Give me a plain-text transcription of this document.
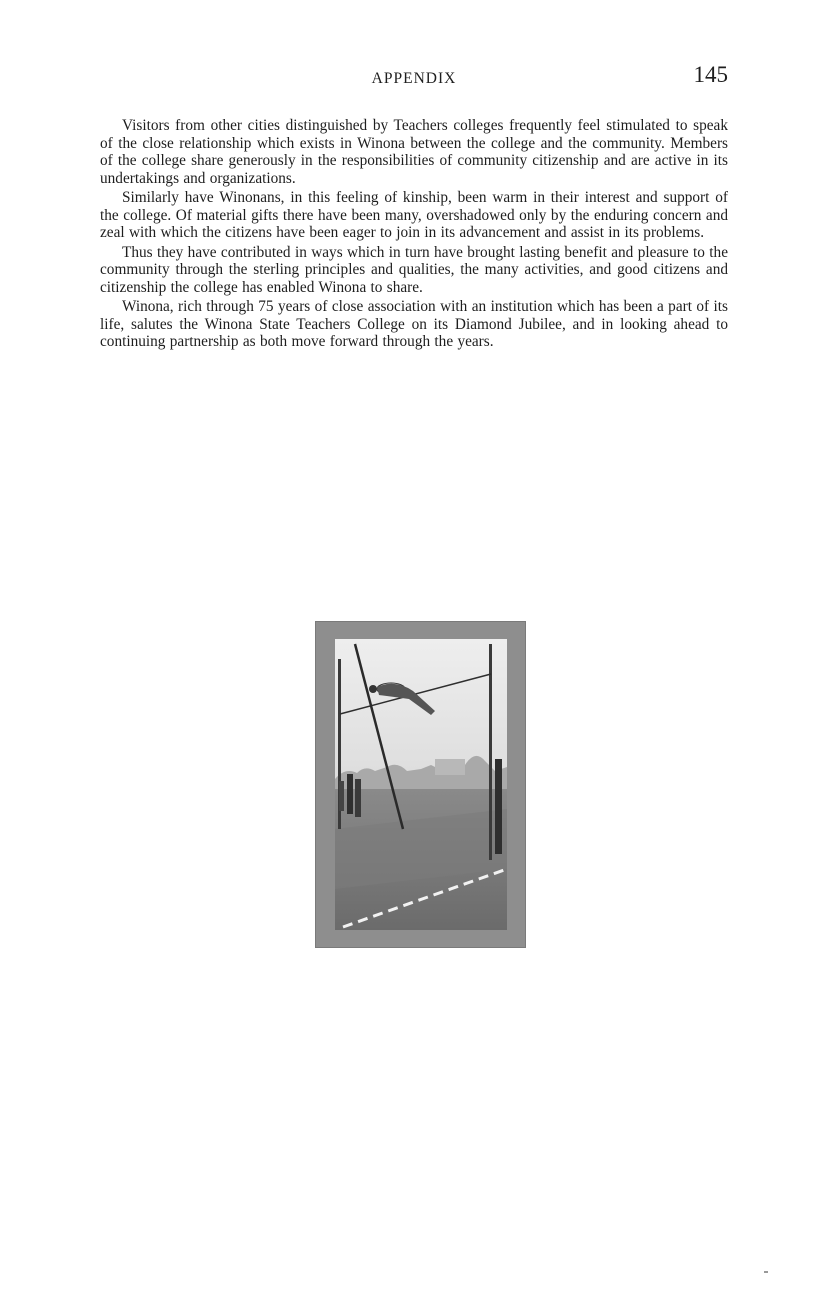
APPENDIX	145

Visitors from other cities distinguished by Teachers colleges frequently feel stimulated to speak of the close relationship which exists in Winona between the college and the community. Members of the college share generously in the responsibilities of community citizenship and are active in its undertakings and organizations.

Similarly have Winonans, in this feeling of kinship, been warm in their interest and support of the college. Of material gifts there have been many, overshadowed only by the enduring concern and zeal with which the citizens have been eager to join in its advancement and assist in its problems.

Thus they have contributed in ways which in turn have brought lasting benefit and pleasure to the community through the sterling principles and qualities, the many activities, and good citizens and citizenship the college has enabled Winona to share.

Winona, rich through 75 years of close association with an institution which has been a part of its life, salutes the Winona State Teachers College on its Diamond Jubilee, and in looking ahead to continuing partnership as both move forward through the years.
